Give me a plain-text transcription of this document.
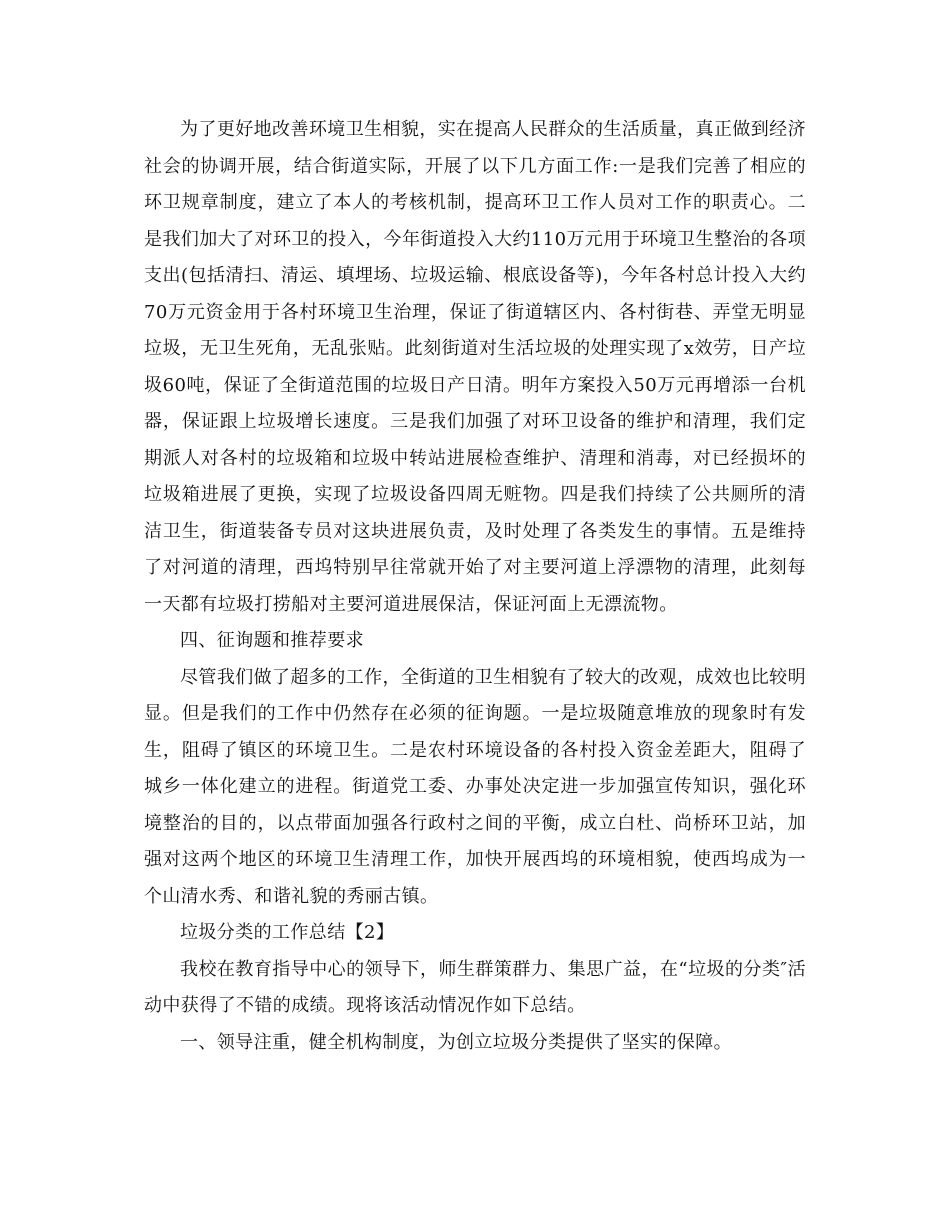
为了更好地改善环境卫生相貌，实在提高人民群众的生活质量，真正做到经济社会的协调开展，结合街道实际，开展了以下几方面工作:一是我们完善了相应的环卫规章制度，建立了本人的考核机制，提高环卫工作人员对工作的职责心。二是我们加大了对环卫的投入，今年街道投入大约110万元用于环境卫生整治的各项支出(包括清扫、清运、填埋场、垃圾运输、根底设备等)，今年各村总计投入大约70万元资金用于各村环境卫生治理，保证了街道辖区内、各村街巷、弄堂无明显垃圾，无卫生死角，无乱张贴。此刻街道对生活垃圾的处理实现了x效劳，日产垃圾60吨，保证了全街道范围的垃圾日产日清。明年方案投入50万元再增添一台机器，保证跟上垃圾增长速度。三是我们加强了对环卫设备的维护和清理，我们定期派人对各村的垃圾箱和垃圾中转站进展检查维护、清理和消毒，对已经损坏的垃圾箱进展了更换，实现了垃圾设备四周无赃物。四是我们持续了公共厕所的清洁卫生，街道装备专员对这块进展负责，及时处理了各类发生的事情。五是维持了对河道的清理，西坞特别早往常就开始了对主要河道上浮漂物的清理，此刻每一天都有垃圾打捞船对主要河道进展保洁，保证河面上无漂流物。

四、征询题和推荐要求

尽管我们做了超多的工作，全街道的卫生相貌有了较大的改观，成效也比较明显。但是我们的工作中仍然存在必须的征询题。一是垃圾随意堆放的现象时有发生，阻碍了镇区的环境卫生。二是农村环境设备的各村投入资金差距大，阻碍了城乡一体化建立的进程。街道党工委、办事处决定进一步加强宣传知识，强化环境整治的目的，以点带面加强各行政村之间的平衡，成立白杜、尚桥环卫站，加强对这两个地区的环境卫生清理工作，加快开展西坞的环境相貌，使西坞成为一个山清水秀、和谐礼貌的秀丽古镇。

垃圾分类的工作总结【2】

我校在教育指导中心的领导下，师生群策群力、集思广益，在“垃圾的分类″活动中获得了不错的成绩。现将该活动情况作如下总结。

一、领导注重，健全机构制度，为创立垃圾分类提供了坚实的保障。
